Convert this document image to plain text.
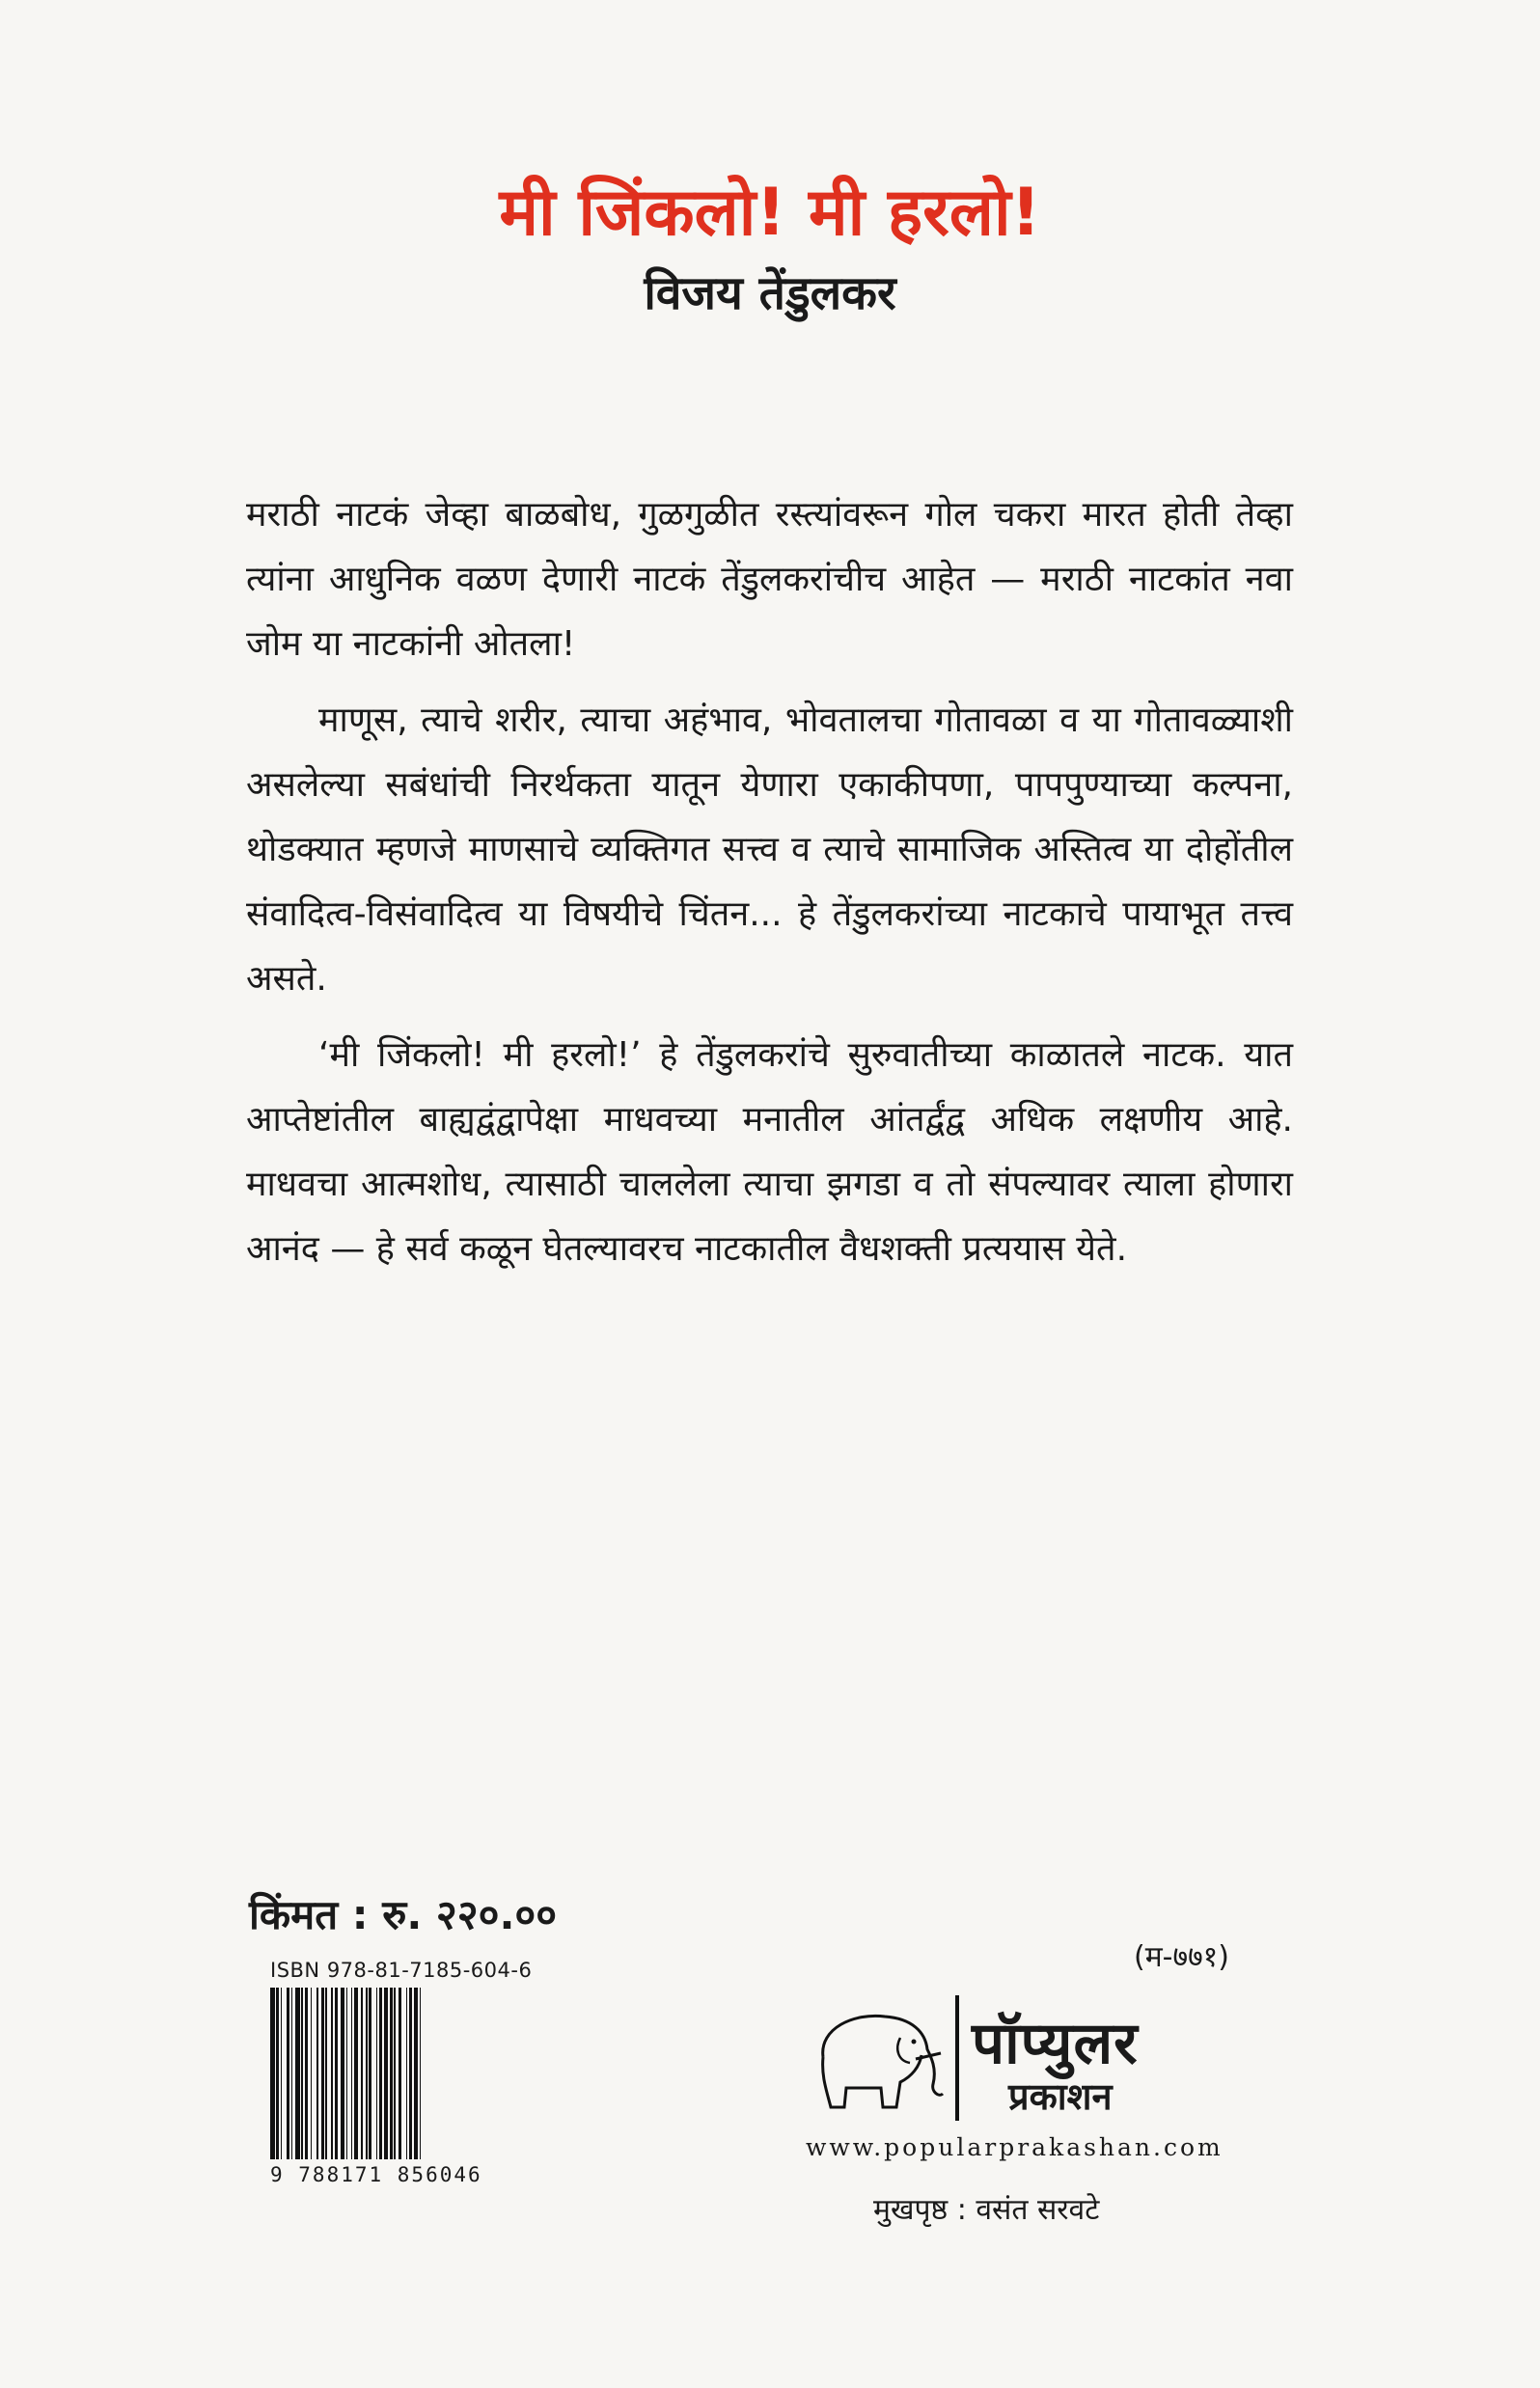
मी जिंकलो! मी हरलो!
विजय तेंडुलकर

मराठी नाटकं जेव्हा बाळबोध, गुळगुळीत रस्त्यांवरून गोल चकरा मारत होती तेव्हा त्यांना आधुनिक वळण देणारी नाटकं तेंडुलकरांचीच आहेत — मराठी नाटकांत नवा जोम या नाटकांनी ओतला!

माणूस, त्याचे शरीर, त्याचा अहंभाव, भोवतालचा गोतावळा व या गोतावळ्याशी असलेल्या सबंधांची निरर्थकता यातून येणारा एकाकीपणा, पापपुण्याच्या कल्पना, थोडक्यात म्हणजे माणसाचे व्यक्तिगत सत्त्व व त्याचे सामाजिक अस्तित्व या दोहोंतील संवादित्व-विसंवादित्व या विषयीचे चिंतन... हे तेंडुलकरांच्या नाटकाचे पायाभूत तत्त्व असते.

‘मी जिंकलो! मी हरलो!’ हे तेंडुलकरांचे सुरुवातीच्या काळातले नाटक. यात आप्तेष्टांतील बाह्यद्वंद्वापेक्षा माधवच्या मनातील आंतर्द्वंद्व अधिक लक्षणीय आहे. माधवचा आत्मशोध, त्यासाठी चाललेला त्याचा झगडा व तो संपल्यावर त्याला होणारा आनंद — हे सर्व कळून घेतल्यावरच नाटकातील वैधशक्ती प्रत्ययास येते.

किंमत : रु. २२०.००
ISBN 978-81-7185-604-6
9 788171 856046
(म-७७१)
पॉप्युलर
प्रकाशन
www.popularprakashan.com
मुखपृष्ठ : वसंत सरवटे
